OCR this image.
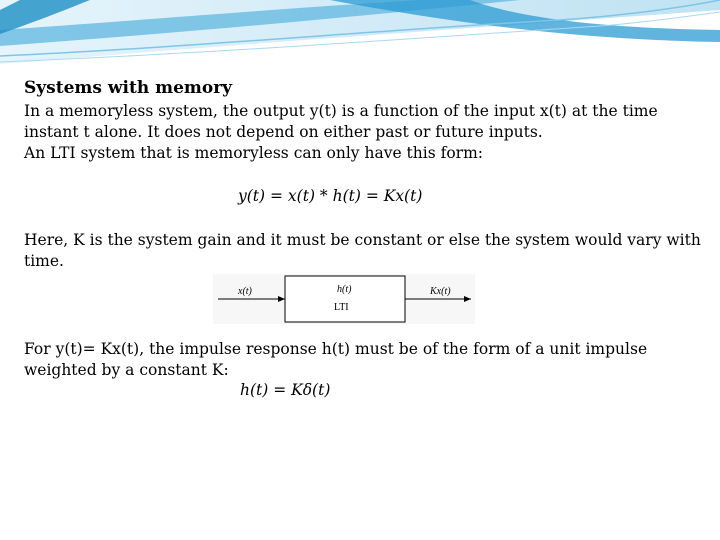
Systems with memory
In a memoryless system, the output y(t) is a function of the input x(t) at the time instant t alone. It does not depend on either past or future inputs.
An LTI system that is memoryless can only have this form:
y(t) = x(t) * h(t) = Kx(t)
Here, K is the system gain and it must be constant or else the system would vary with time.
x(t)	h(t)
LTI
Kx(t)
For y(t)= Kx(t), the impulse response h(t) must be of the form of a unit impulse weighted by a constant K:
h(t) = Kδ(t)
